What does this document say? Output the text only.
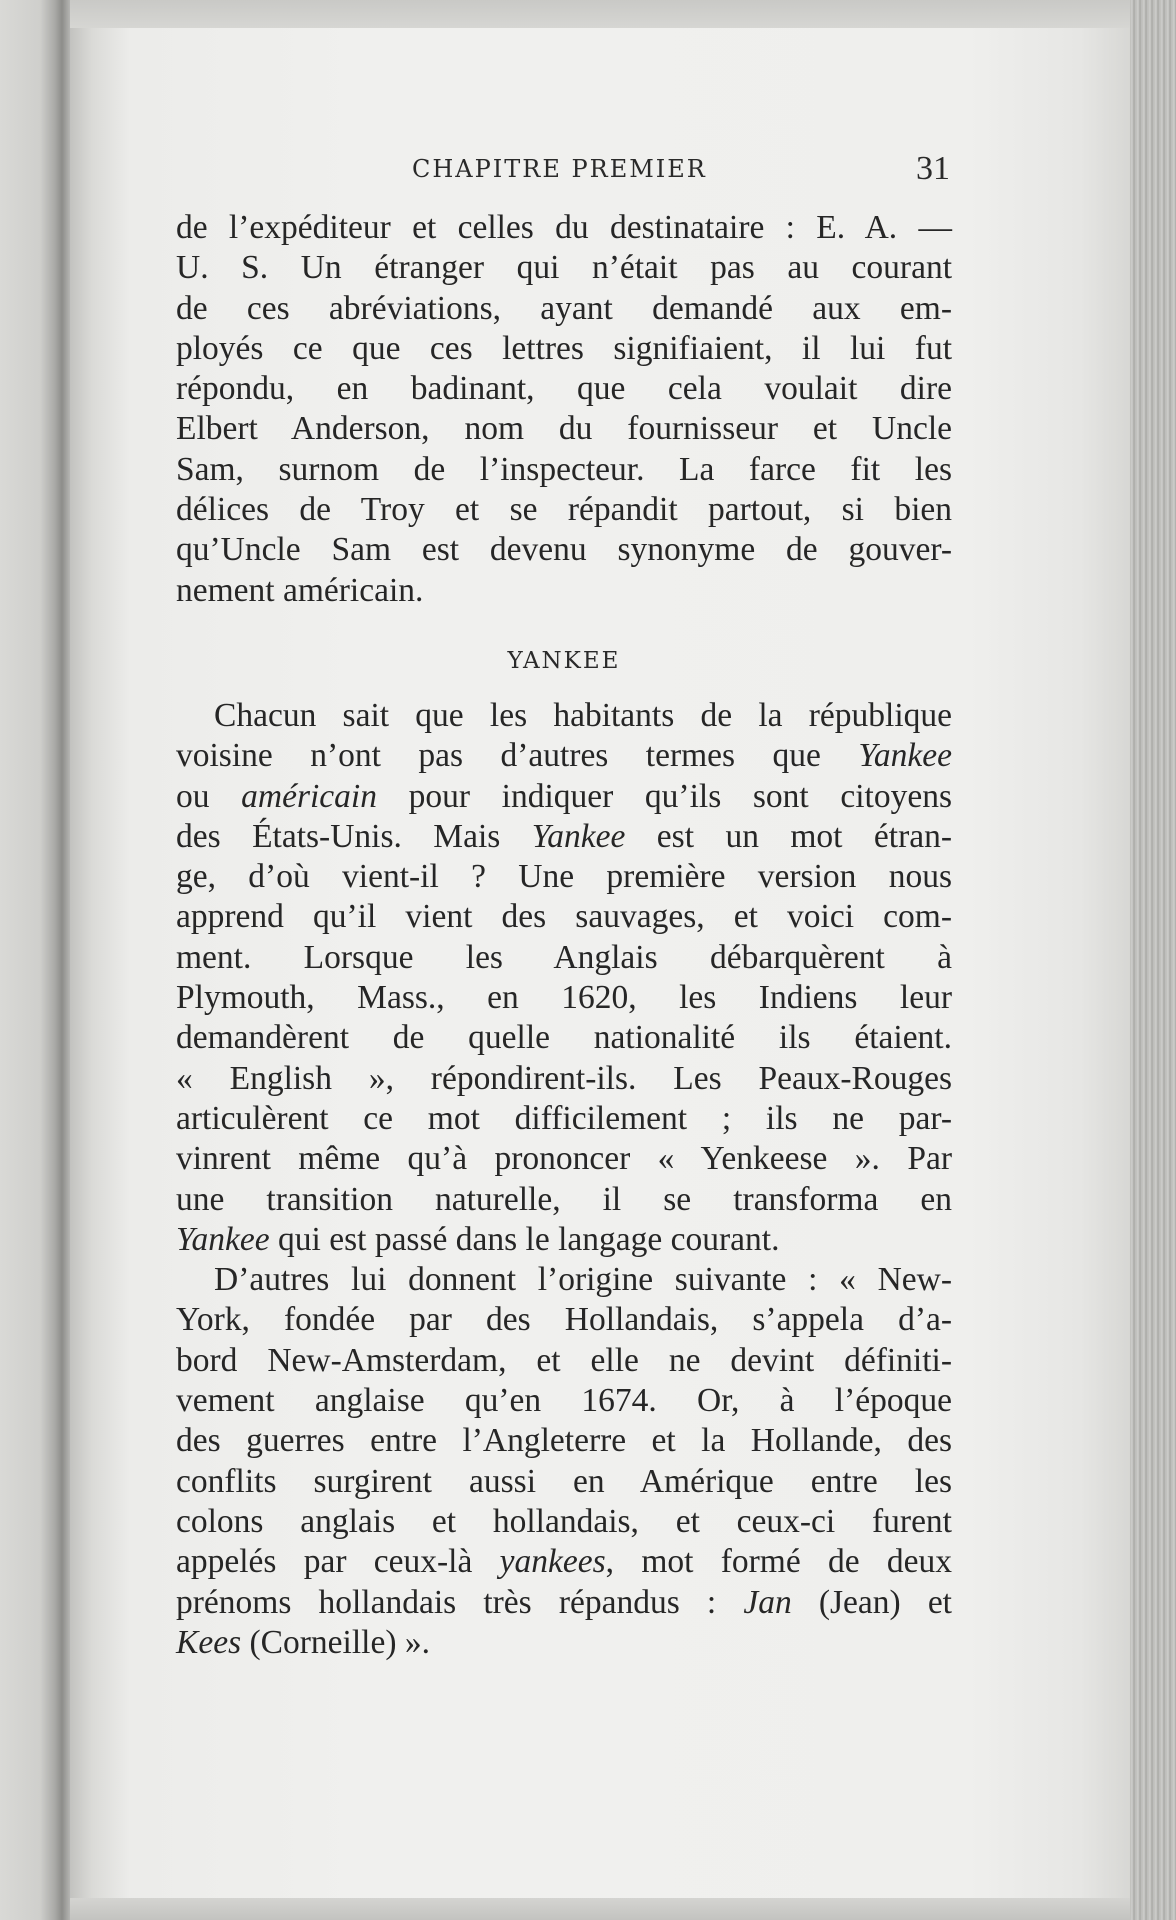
CHAPITRE PREMIER	31
de l’expéditeur et celles du destinataire : E. A. —
U. S. Un étranger qui n’était pas au courant
de ces abréviations, ayant demandé aux em-
ployés ce que ces lettres signifiaient, il lui fut
répondu, en badinant, que cela voulait dire
Elbert Anderson, nom du fournisseur et Uncle
Sam, surnom de l’inspecteur. La farce fit les
délices de Troy et se répandit partout, si bien
qu’Uncle Sam est devenu synonyme de gouver-
nement américain.
YANKEE
Chacun sait que les habitants de la république
voisine n’ont pas d’autres termes que Yankee
ou américain pour indiquer qu’ils sont citoyens
des États-Unis. Mais Yankee est un mot étran-
ge, d’où vient-il ? Une première version nous
apprend qu’il vient des sauvages, et voici com-
ment. Lorsque les Anglais débarquèrent à
Plymouth, Mass., en 1620, les Indiens leur
demandèrent de quelle nationalité ils étaient.
« English », répondirent-ils. Les Peaux-Rouges
articulèrent ce mot difficilement ; ils ne par-
vinrent même qu’à prononcer « Yenkeese ». Par
une transition naturelle, il se transforma en
Yankee qui est passé dans le langage courant.
D’autres lui donnent l’origine suivante : « New-
York, fondée par des Hollandais, s’appela d’a-
bord New-Amsterdam, et elle ne devint définiti-
vement anglaise qu’en 1674. Or, à l’époque
des guerres entre l’Angleterre et la Hollande, des
conflits surgirent aussi en Amérique entre les
colons anglais et hollandais, et ceux-ci furent
appelés par ceux-là yankees, mot formé de deux
prénoms hollandais très répandus : Jan (Jean) et
Kees (Corneille) ».
